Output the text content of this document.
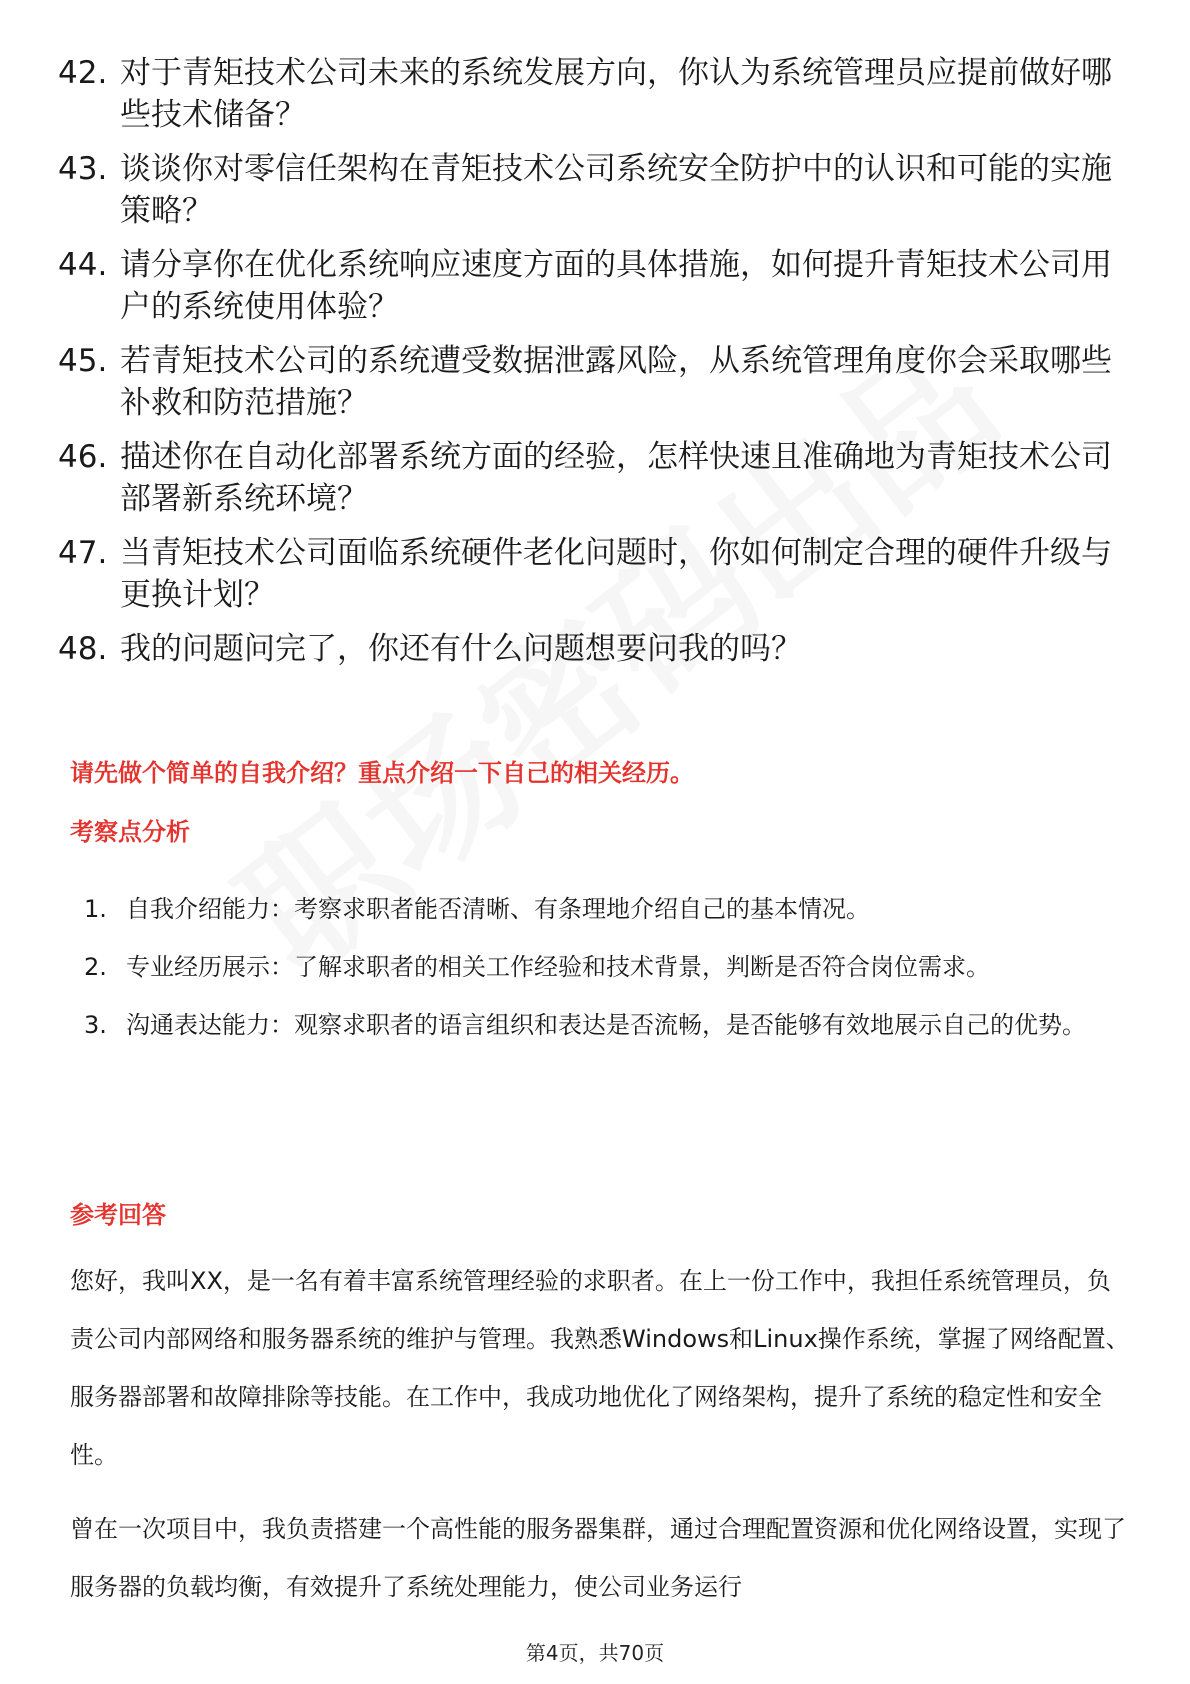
42. 对于青矩技术公司未来的系统发展方向，你认为系统管理员应提前做好哪些技术储备？
43. 谈谈你对零信任架构在青矩技术公司系统安全防护中的认识和可能的实施策略？
44. 请分享你在优化系统响应速度方面的具体措施，如何提升青矩技术公司用户的系统使用体验？
45. 若青矩技术公司的系统遭受数据泄露风险，从系统管理角度你会采取哪些补救和防范措施？
46. 描述你在自动化部署系统方面的经验，怎样快速且准确地为青矩技术公司部署新系统环境？
47. 当青矩技术公司面临系统硬件老化问题时，你如何制定合理的硬件升级与更换计划？
48. 我的问题问完了，你还有什么问题想要问我的吗？
请先做个简单的自我介绍？重点介绍一下自己的相关经历。
考察点分析
1. 自我介绍能力：考察求职者能否清晰、有条理地介绍自己的基本情况。
2. 专业经历展示：了解求职者的相关工作经验和技术背景，判断是否符合岗位需求。
3. 沟通表达能力：观察求职者的语言组织和表达是否流畅，是否能够有效地展示自己的优势。
参考回答

您好，我叫XX，是一名有着丰富系统管理经验的求职者。在上一份工作中，我担任系统管理员，负责公司内部网络和服务器系统的维护与管理。我熟悉Windows和Linux操作系统，掌握了网络配置、服务器部署和故障排除等技能。在工作中，我成功地优化了网络架构，提升了系统的稳定性和安全性。

曾在一次项目中，我负责搭建一个高性能的服务器集群，通过合理配置资源和优化网络设置，实现了服务器的负载均衡，有效提升了系统处理能力，使公司业务运行

第4页，共70页
